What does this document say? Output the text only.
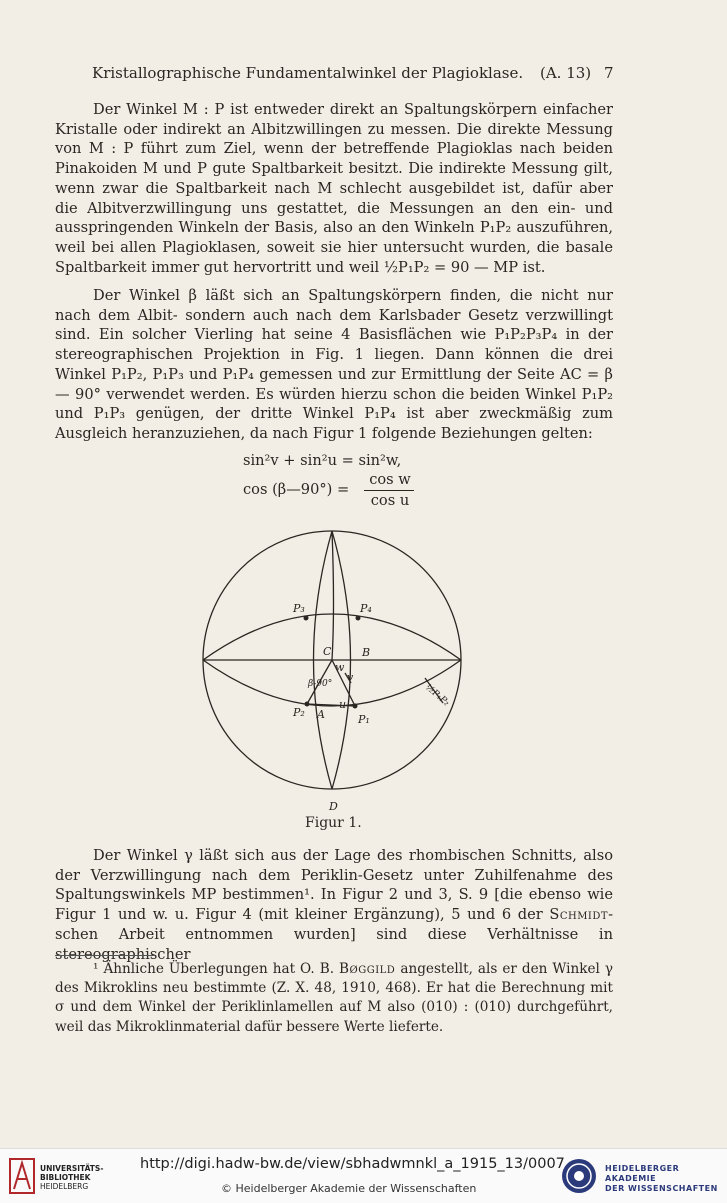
Kristallographische Fundamentalwinkel der Plagioklase. (A. 13) 7

Der Winkel M : P ist entweder direkt an Spaltungskörpern einfacher Kristalle oder indirekt an Albitzwillingen zu messen. Die direkte Messung von M : P führt zum Ziel, wenn der betreffende Plagioklas nach beiden Pinakoiden M und P gute Spaltbarkeit besitzt. Die indirekte Messung gilt, wenn zwar die Spaltbarkeit nach M schlecht ausgebildet ist, dafür aber die Albitverzwillingung uns gestattet, die Messungen an den ein- und ausspringenden Winkeln der Basis, also an den Winkeln P₁P₂ auszuführen, weil bei allen Plagioklasen, soweit sie hier untersucht wurden, die basale Spaltbarkeit immer gut hervortritt und weil ½P₁P₂ = 90 — MP ist.

Der Winkel β läßt sich an Spaltungskörpern finden, die nicht nur nach dem Albit- sondern auch nach dem Karlsbader Gesetz verzwillingt sind. Ein solcher Vierling hat seine 4 Basisflächen wie P₁P₂P₃P₄ in der stereographischen Projektion in Fig. 1 liegen. Dann können die drei Winkel P₁P₂, P₁P₃ und P₁P₄ gemessen und zur Ermittlung der Seite AC = β — 90° verwendet werden. Es würden hierzu schon die beiden Winkel P₁P₂ und P₁P₃ genügen, der dritte Winkel P₁P₄ ist aber zweckmäßig zum Ausgleich heranzuziehen, da nach Figur 1 folgende Beziehungen gelten:

sin²v + sin²u = sin²w,
cos (β—90°) =
cos w
cos u
P₁
P₂
P₃	P₄
A
B
C
D
u
v
w
β-90°	½P₁P₂
Figur 1.

Der Winkel γ läßt sich aus der Lage des rhombischen Schnitts, also der Verzwillingung nach dem Periklin-Gesetz unter Zuhilfenahme des Spaltungswinkels MP bestimmen¹. In Figur 2 und 3, S. 9 [die ebenso wie Figur 1 und w. u. Figur 4 (mit kleiner Ergänzung), 5 und 6 der Schmidt-schen Arbeit entnommen wurden] sind diese Verhältnisse in stereographischer

¹ Ähnliche Überlegungen hat O. B. Bøggild angestellt, als er den Winkel γ des Mikroklins neu bestimmte (Z. X. 48, 1910, 468). Er hat die Berechnung mit σ und dem Winkel der Periklinlamellen auf M also (010) : (010) durchgeführt, weil das Mikroklinmaterial dafür bessere Werte lieferte.

UNIVERSITÄTS-
BIBLIOTHEK
HEIDELBERG
http://digi.hadw-bw.de/view/sbhadwmnkl_a_1915_13/0007
© Heidelberger Akademie der Wissenschaften
HEIDELBERGER AKADEMIE
DER WISSENSCHAFTEN
